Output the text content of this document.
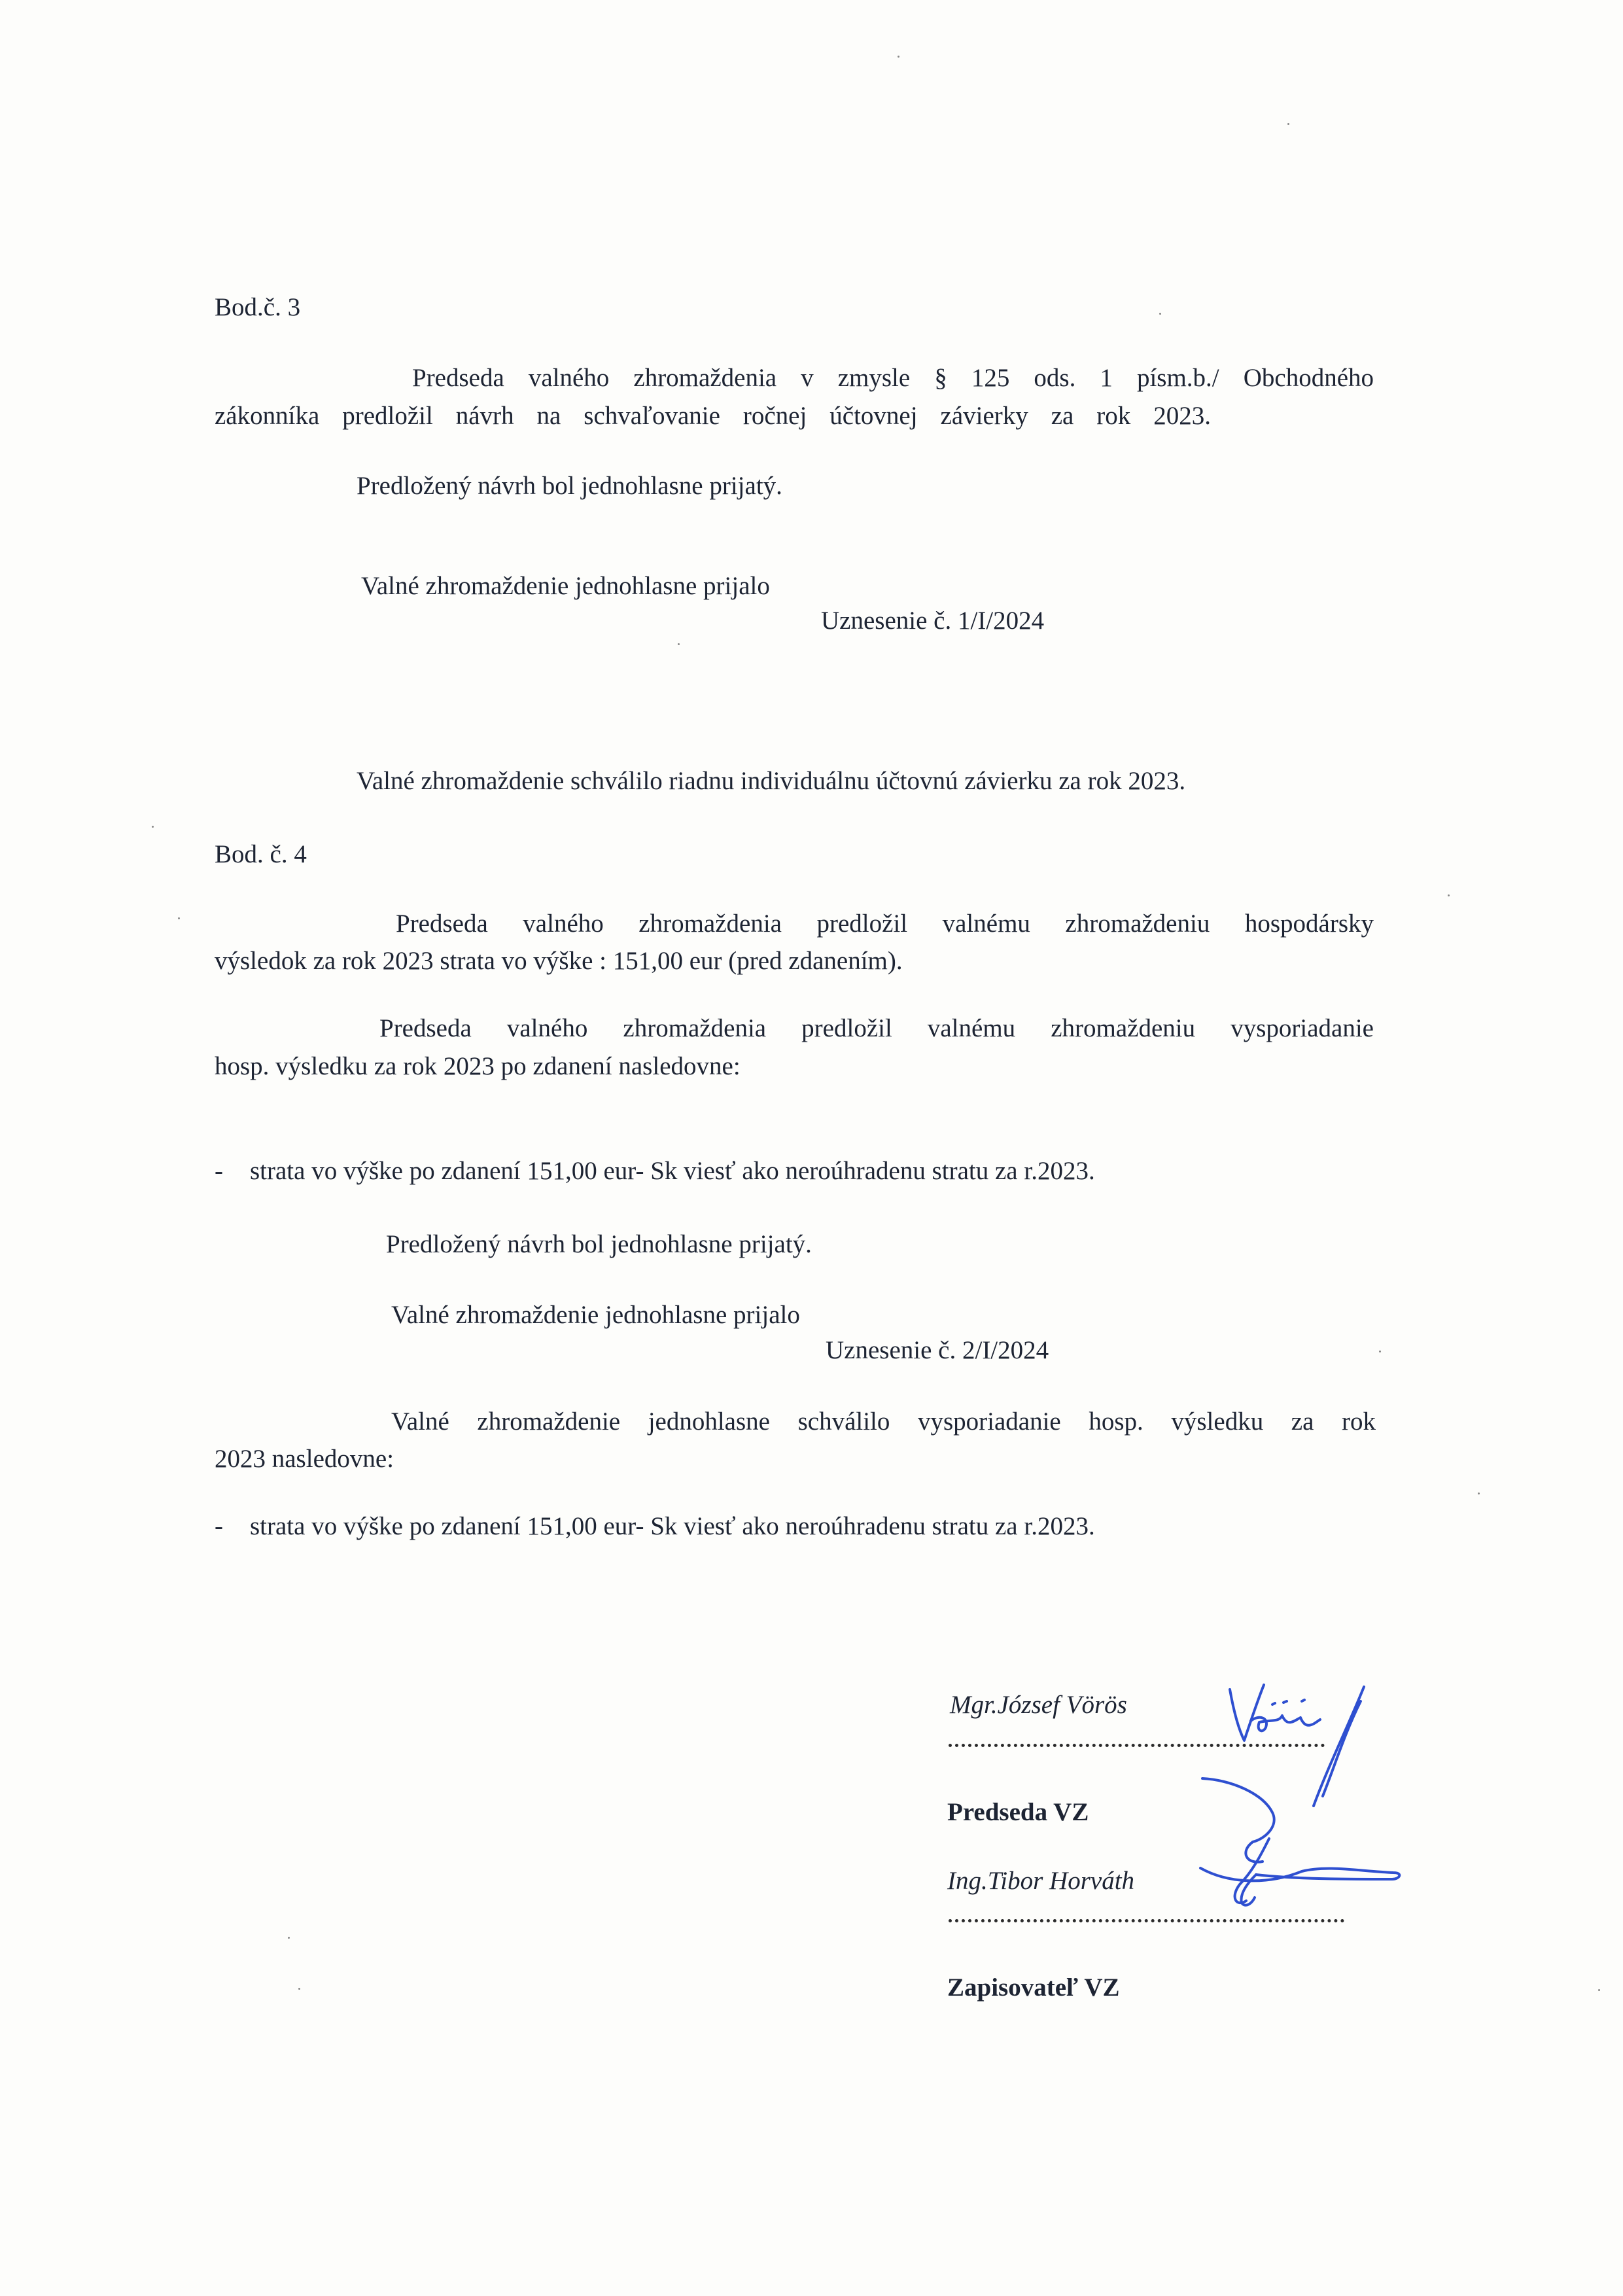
Bod.č. 3
Predseda valného zhromaždenia v zmysle § 125 ods. 1 písm.b./ Obchodného
zákonníka predložil návrh na schvaľovanie ročnej účtovnej závierky za rok 2023.
Predložený návrh bol jednohlasne prijatý.
Valné zhromaždenie jednohlasne prijalo
Uznesenie č. 1/I/2024
Valné zhromaždenie schválilo riadnu individuálnu účtovnú závierku za rok 2023.
Bod. č. 4
Predseda valného zhromaždenia predložil valnému zhromaždeniu hospodársky
výsledok za rok 2023 strata vo výške : 151,00 eur (pred zdanením).
Predseda valného zhromaždenia predložil valnému zhromaždeniu vysporiadanie
hosp. výsledku za rok 2023 po zdanení nasledovne:
- strata vo výške po zdanení 151,00 eur- Sk viesť ako neroúhradenu stratu za r.2023.
Predložený návrh bol jednohlasne prijatý.
Valné zhromaždenie jednohlasne prijalo
Uznesenie č. 2/I/2024
Valné zhromaždenie jednohlasne schválilo vysporiadanie hosp. výsledku za rok
2023 nasledovne:
- strata vo výške po zdanení 151,00 eur- Sk viesť ako neroúhradenu stratu za r.2023.
Mgr.József Vörös
Predseda VZ
Ing.Tibor Horváth
Zapisovateľ VZ
